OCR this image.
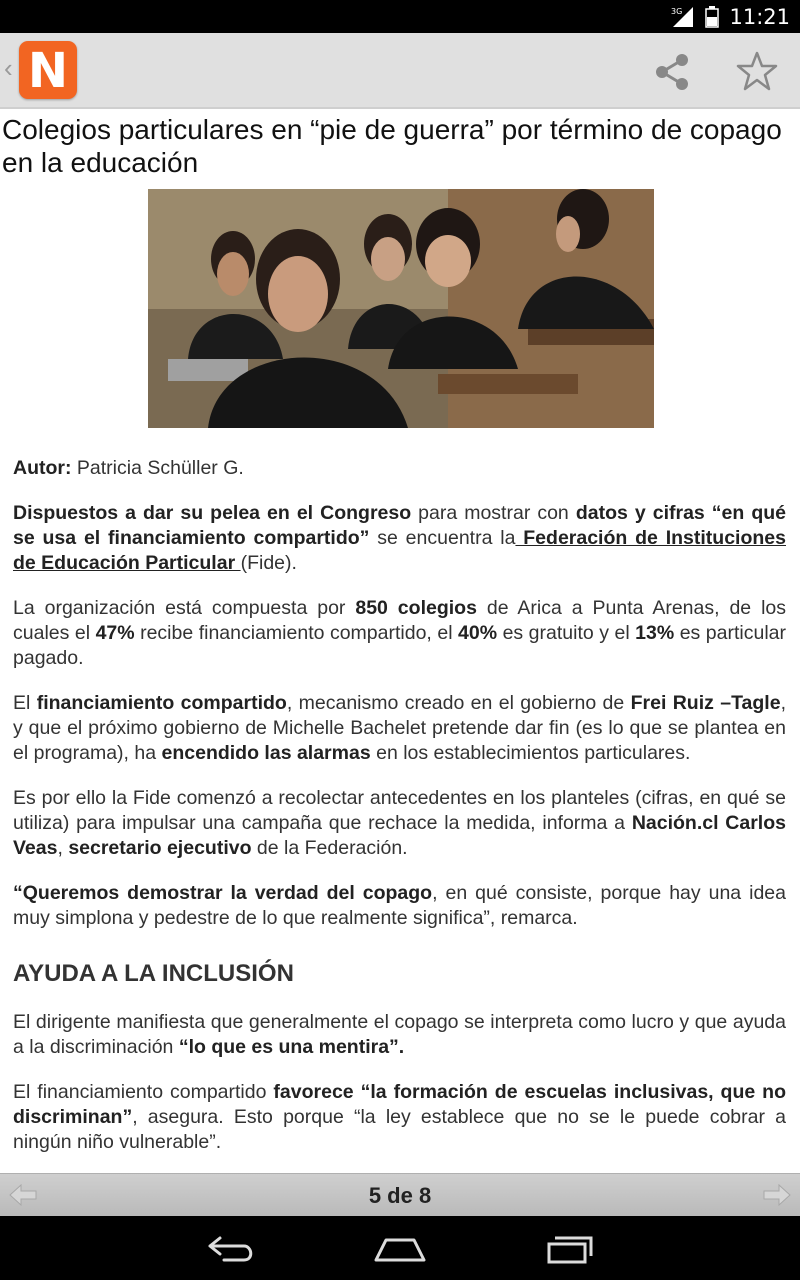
3G 11:21
‹ N
Colegios particulares en “pie de guerra” por término de copago en la educación

Autor: Patricia Schüller G.

Dispuestos a dar su pelea en el Congreso para mostrar con datos y cifras “en qué se usa el financiamiento compartido” se encuentra la Federación de Instituciones de Educación Particular (Fide).

La organización está compuesta por 850 colegios de Arica a Punta Arenas, de los cuales el 47% recibe financiamiento compartido, el 40% es gratuito y el 13% es particular pagado.

El financiamiento compartido, mecanismo creado en el gobierno de Frei Ruiz –Tagle, y que el próximo gobierno de Michelle Bachelet pretende dar fin (es lo que se plantea en el programa), ha encendido las alarmas en los establecimientos particulares.

Es por ello la Fide comenzó a recolectar antecedentes en los planteles (cifras, en qué se utiliza) para impulsar una campaña que rechace la medida, informa a Nación.cl Carlos Veas, secretario ejecutivo de la Federación.

“Queremos demostrar la verdad del copago, en qué consiste, porque hay una idea muy simplona y pedestre de lo que realmente significa”, remarca.

AYUDA A LA INCLUSIÓN

El dirigente manifiesta que generalmente el copago se interpreta como lucro y que ayuda a la discriminación “lo que es una mentira”.

El financiamiento compartido favorece “la formación de escuelas inclusivas, que no discriminan”, asegura. Esto porque “la ley establece que no se le puede cobrar a ningún niño vulnerable”.

5 de 8
